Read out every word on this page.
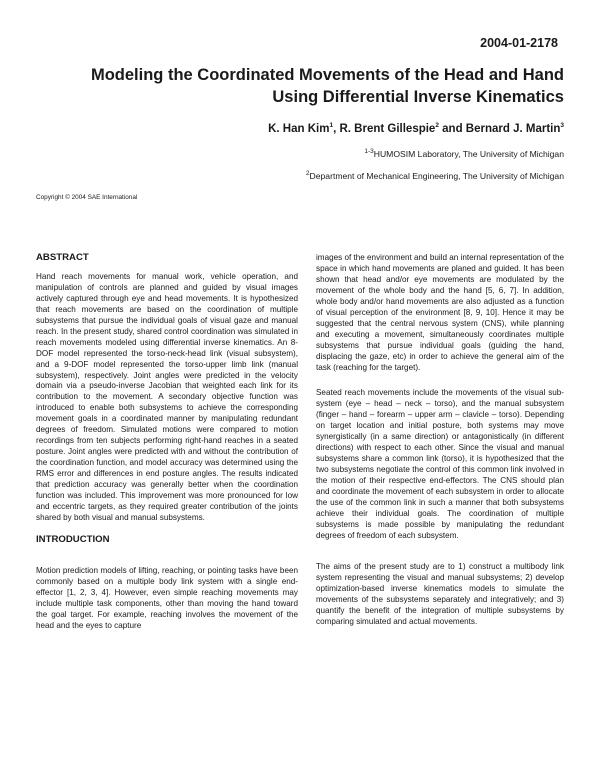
2004-01-2178
Modeling the Coordinated Movements of the Head and Hand
Using Differential Inverse Kinematics
K. Han Kim$^1$, R. Brent Gillespie$^2$ and Bernard J. Martin$^3$
$^{1-3}$HUMOSIM Laboratory, The University of Michigan
$^2$Department of Mechanical Engineering, The University of Michigan
Copyright © 2004 SAE International

ABSTRACT

Hand reach movements for manual work, vehicle operation, and manipulation of controls are planned and guided by visual images actively captured through eye and head movements. It is hypothesized that reach movements are based on the coordination of multiple subsystems that pursue the individual goals of visual gaze and manual reach. In the present study, shared control coordination was simulated in reach movements modeled using differential inverse kinematics. An 8-DOF model represented the torso-neck-head link (visual subsystem), and a 9-DOF model represented the torso-upper limb link (manual subsystem), respectively. Joint angles were predicted in the velocity domain via a pseudo-inverse Jacobian that weighted each link for its contribution to the movement. A secondary objective function was introduced to enable both subsystems to achieve the corresponding movement goals in a coordinated manner by manipulating redundant degrees of freedom. Simulated motions were compared to motion recordings from ten subjects performing right-hand reaches in a seated posture. Joint angles were predicted with and without the contribution of the coordination function, and model accuracy was determined using the RMS error and differences in end posture angles. The results indicated that prediction accuracy was generally better when the coordination function was included. This improvement was more pronounced for low and eccentric targets, as they required greater contribution of the joints shared by both visual and manual subsystems.

INTRODUCTION

Motion prediction models of lifting, reaching, or pointing tasks have been commonly based on a multiple body link system with a single end-effector [1, 2, 3, 4]. However, even simple reaching movements may include multiple task components, other than moving the hand toward the goal target. For example, reaching involves the movement of the head and the eyes to capture

images of the environment and build an internal representation of the space in which hand movements are planed and guided. It has been shown that head and/or eye movements are modulated by the movement of the whole body and the hand [5, 6, 7]. In addition, whole body and/or hand movements are also adjusted as a function of visual perception of the environment [8, 9, 10]. Hence it may be suggested that the central nervous system (CNS), while planning and executing a movement, simultaneously coordinates multiple subsystems that pursue individual goals (guiding the hand, displacing the gaze, etc) in order to achieve the general aim of the task (reaching for the target).

Seated reach movements include the movements of the visual sub-system (eye – head – neck – torso), and the manual subsystem (finger – hand – forearm – upper arm – clavicle – torso). Depending on target location and initial posture, both systems may move synergistically (in a same direction) or antagonistically (in different directions) with respect to each other. Since the visual and manual subsystems share a common link (torso), it is hypothesized that the two subsystems negotiate the control of this common link involved in the motion of their respective end-effectors. The CNS should plan and coordinate the movement of each subsystem in order to allocate the use of the common link in such a manner that both subsystems achieve their individual goals. The coordination of multiple subsystems is made possible by manipulating the redundant degrees of freedom of each subsystem.

The aims of the present study are to 1) construct a multibody link system representing the visual and manual subsystems; 2) develop optimization-based inverse kinematics models to simulate the movements of the subsystems separately and integratively; and 3) quantify the benefit of the integration of multiple subsystems by comparing simulated and actual movements.
